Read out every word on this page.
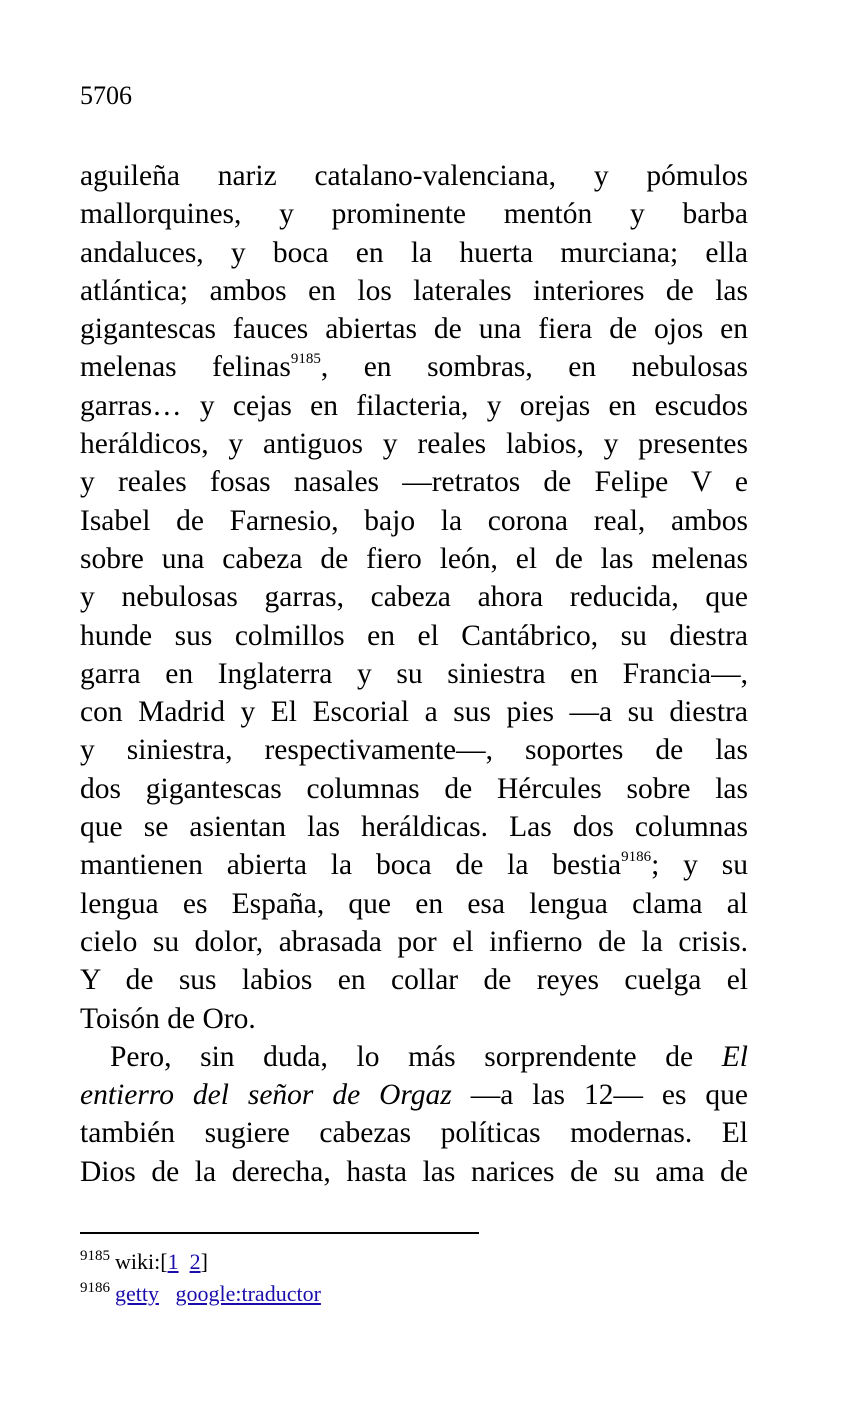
5706
aguileña nariz catalano-valenciana, y pómulos
mallorquines, y prominente mentón y barba
andaluces, y boca en la huerta murciana; ella
atlántica; ambos en los laterales interiores de las
gigantescas fauces abiertas de una fiera de ojos en
melenas felinas$^{9185}$, en sombras, en nebulosas
garras… y cejas en filacteria, y orejas en escudos
heráldicos, y antiguos y reales labios, y presentes
y reales fosas nasales —retratos de Felipe V e
Isabel de Farnesio, bajo la corona real, ambos
sobre una cabeza de fiero león, el de las melenas
y nebulosas garras, cabeza ahora reducida, que
hunde sus colmillos en el Cantábrico, su diestra
garra en Inglaterra y su siniestra en Francia—,
con Madrid y El Escorial a sus pies —a su diestra
y siniestra, respectivamente—, soportes de las
dos gigantescas columnas de Hércules sobre las
que se asientan las heráldicas. Las dos columnas
mantienen abierta la boca de la bestia$^{9186}$; y su
lengua es España, que en esa lengua clama al
cielo su dolor, abrasada por el infierno de la crisis.
Y de sus labios en collar de reyes cuelga el
Toisón de Oro.
Pero, sin duda, lo más sorprendente de El
entierro del señor de Orgaz —a las 12— es que
también sugiere cabezas políticas modernas. El
Dios de la derecha, hasta las narices de su ama de
$^{9185}$ wiki:[1 2]
$^{9186}$ getty google:traductor
